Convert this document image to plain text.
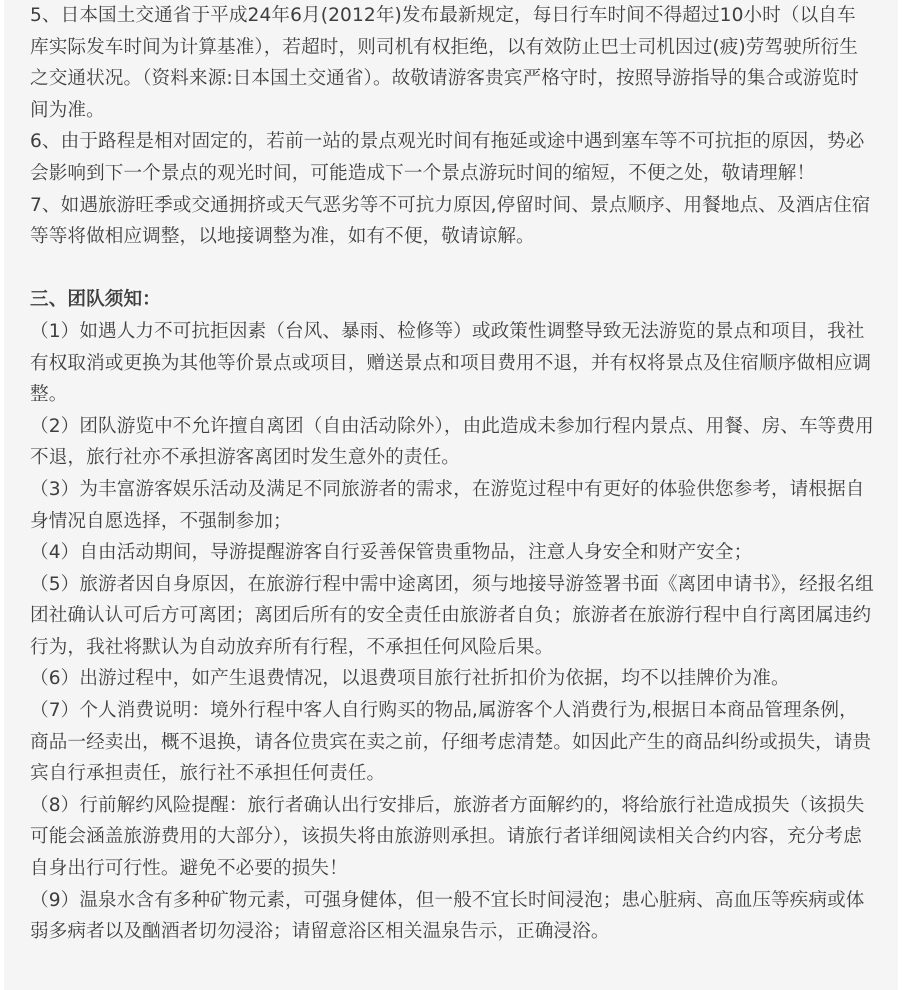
5、日本国土交通省于平成24年6月(2012年)发布最新规定，每日行车时间不得超过10小时（以自车库实际发车时间为计算基准），若超时，则司机有权拒绝，以有效防止巴士司机因过(疲)劳驾驶所衍生之交通状况。（资料来源:日本国土交通省）。故敬请游客贵宾严格守时，按照导游指导的集合或游览时间为准。

6、由于路程是相对固定的，若前一站的景点观光时间有拖延或途中遇到塞车等不可抗拒的原因，势必会影响到下一个景点的观光时间，可能造成下一个景点游玩时间的缩短，不便之处，敬请理解！

7、如遇旅游旺季或交通拥挤或天气恶劣等不可抗力原因,停留时间、景点顺序、用餐地点、及酒店住宿等等将做相应调整，以地接调整为准，如有不便，敬请谅解。

三、团队须知：

（1）如遇人力不可抗拒因素（台风、暴雨、检修等）或政策性调整导致无法游览的景点和项目，我社有权取消或更换为其他等价景点或项目，赠送景点和项目费用不退，并有权将景点及住宿顺序做相应调整。

（2）团队游览中不允许擅自离团（自由活动除外），由此造成未参加行程内景点、用餐、房、车等费用不退，旅行社亦不承担游客离团时发生意外的责任。

（3）为丰富游客娱乐活动及满足不同旅游者的需求，在游览过程中有更好的体验供您参考，请根据自身情况自愿选择，不强制参加；

（4）自由活动期间，导游提醒游客自行妥善保管贵重物品，注意人身安全和财产安全；

（5）旅游者因自身原因，在旅游行程中需中途离团，须与地接导游签署书面《离团申请书》，经报名组团社确认认可后方可离团；离团后所有的安全责任由旅游者自负；旅游者在旅游行程中自行离团属违约行为，我社将默认为自动放弃所有行程，不承担任何风险后果。

（6）出游过程中，如产生退费情况，以退费项目旅行社折扣价为依据，均不以挂牌价为准。

（7）个人消费说明：境外行程中客人自行购买的物品,属游客个人消费行为,根据日本商品管理条例，商品一经卖出，概不退换，请各位贵宾在卖之前，仔细考虑清楚。如因此产生的商品纠纷或损失，请贵宾自行承担责任，旅行社不承担任何责任。

（8）行前解约风险提醒：旅行者确认出行安排后，旅游者方面解约的，将给旅行社造成损失（该损失可能会涵盖旅游费用的大部分），该损失将由旅游则承担。请旅行者详细阅读相关合约内容，充分考虑自身出行可行性。避免不必要的损失！

（9）温泉水含有多种矿物元素，可强身健体，但一般不宜长时间浸泡；患心脏病、高血压等疾病或体弱多病者以及酗酒者切勿浸浴；请留意浴区相关温泉告示，正确浸浴。
